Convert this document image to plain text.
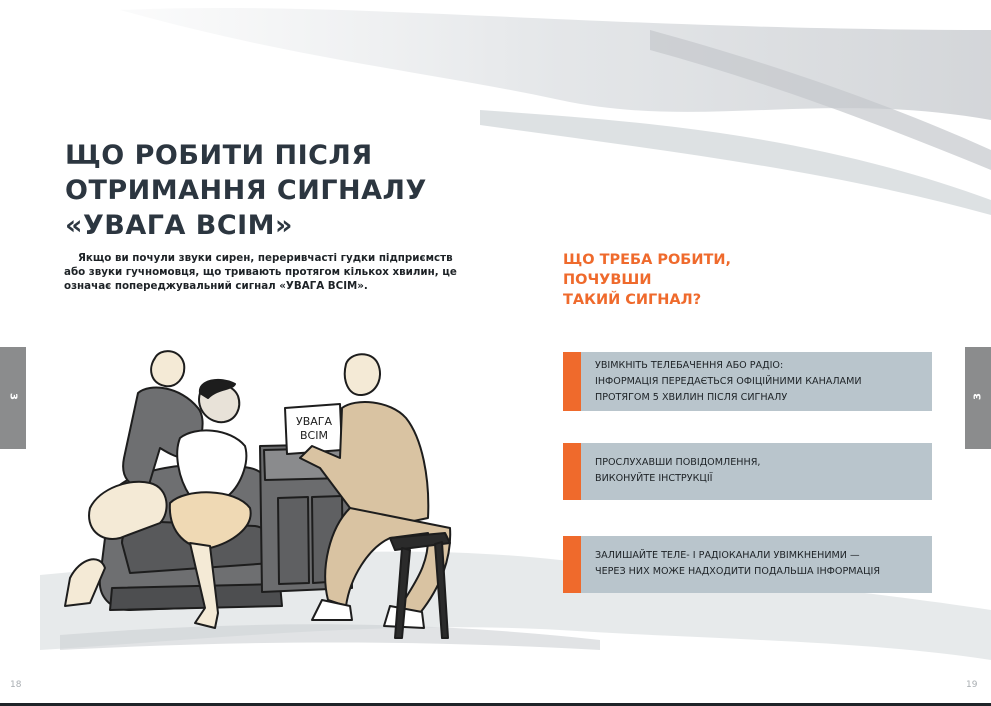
ЩО РОБИТИ ПІСЛЯ
ОТРИМАННЯ СИГНАЛУ
«УВАГА ВСІМ»

Якщо ви почули звуки сирен, переривчасті гудки підприємств або звуки гучномовця, що тривають протягом кількох хвилин, це означає попереджувальний сигнал «УВАГА ВСІМ».

УВАГА
ВСІМ
ЩО ТРЕБА РОБИТИ,
ПОЧУВШИ
ТАКИЙ СИГНАЛ?
УВІМКНІТЬ ТЕЛЕБАЧЕННЯ АБО РАДІО:
ІНФОРМАЦІЯ ПЕРЕДАЄТЬСЯ ОФІЦІЙНИМИ КАНАЛАМИ
ПРОТЯГОМ 5 ХВИЛИН ПІСЛЯ СИГНАЛУ
ПРОСЛУХАВШИ ПОВІДОМЛЕННЯ,
ВИКОНУЙТЕ ІНСТРУКЦІЇ
ЗАЛИШАЙТЕ ТЕЛЕ- І РАДІОКАНАЛИ УВІМКНЕНИМИ —
ЧЕРЕЗ НИХ МОЖЕ НАДХОДИТИ ПОДАЛЬША ІНФОРМАЦІЯ
3	3
18	19
